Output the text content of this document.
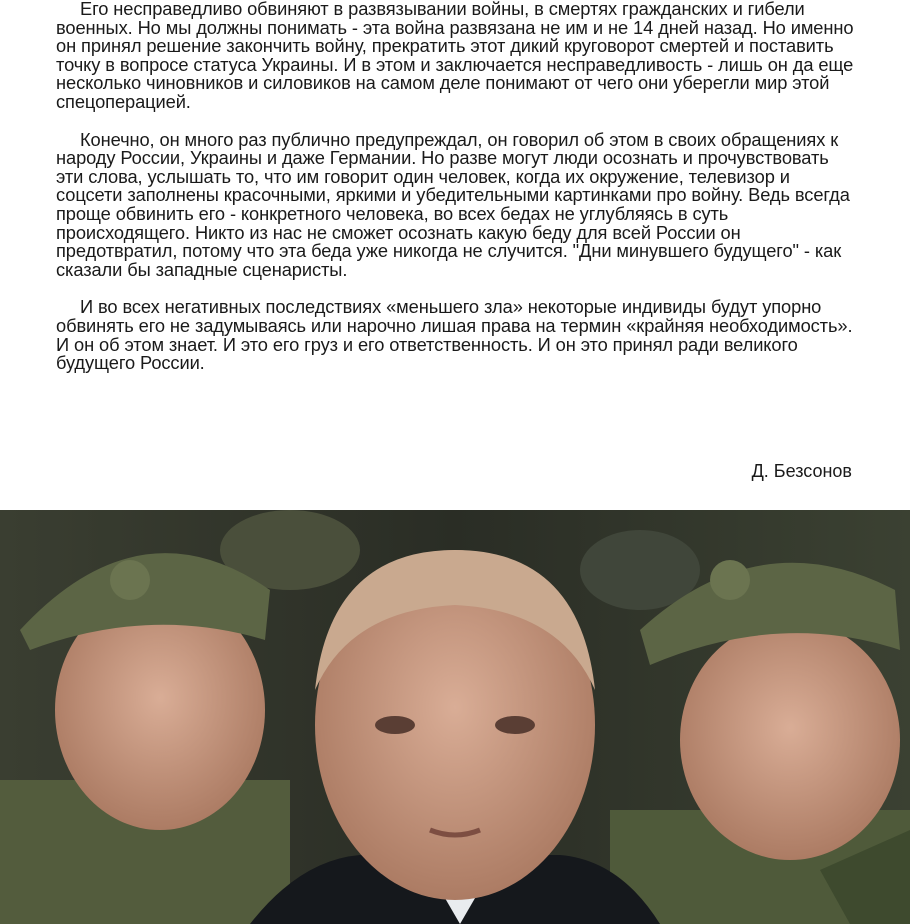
Его несправедливо обвиняют в развязывании войны, в смертях гражданских и гибели военных. Но мы должны понимать - эта война развязана не им и не 14 дней назад. Но именно он принял решение закончить войну, прекратить этот дикий круговорот смертей и поставить точку в вопросе статуса Украины. И в этом и заключается несправедливость - лишь он да еще несколько чиновников и силовиков на самом деле понимают от чего они уберегли мир этой спецоперацией.

Конечно, он много раз публично предупреждал, он говорил об этом в своих обращениях к народу России, Украины и даже Германии. Но разве могут люди осознать и прочувствовать эти слова, услышать то, что им говорит один человек, когда их окружение, телевизор и соцсети заполнены красочными, яркими и убедительными картинками про войну. Ведь всегда проще обвинить его - конкретного человека, во всех бедах не углубляясь в суть происходящего. Никто из нас не сможет осознать какую беду для всей России он предотвратил, потому что эта беда уже никогда не случится. "Дни минувшего будущего" - как сказали бы западные сценаристы.

И во всех негативных последствиях «меньшего зла» некоторые индивиды будут упорно обвинять его не задумываясь или нарочно лишая права на термин «крайняя необходимость». И он об этом знает. И это его груз и его ответственность. И он это принял ради великого будущего России.

Д. Безсонов
